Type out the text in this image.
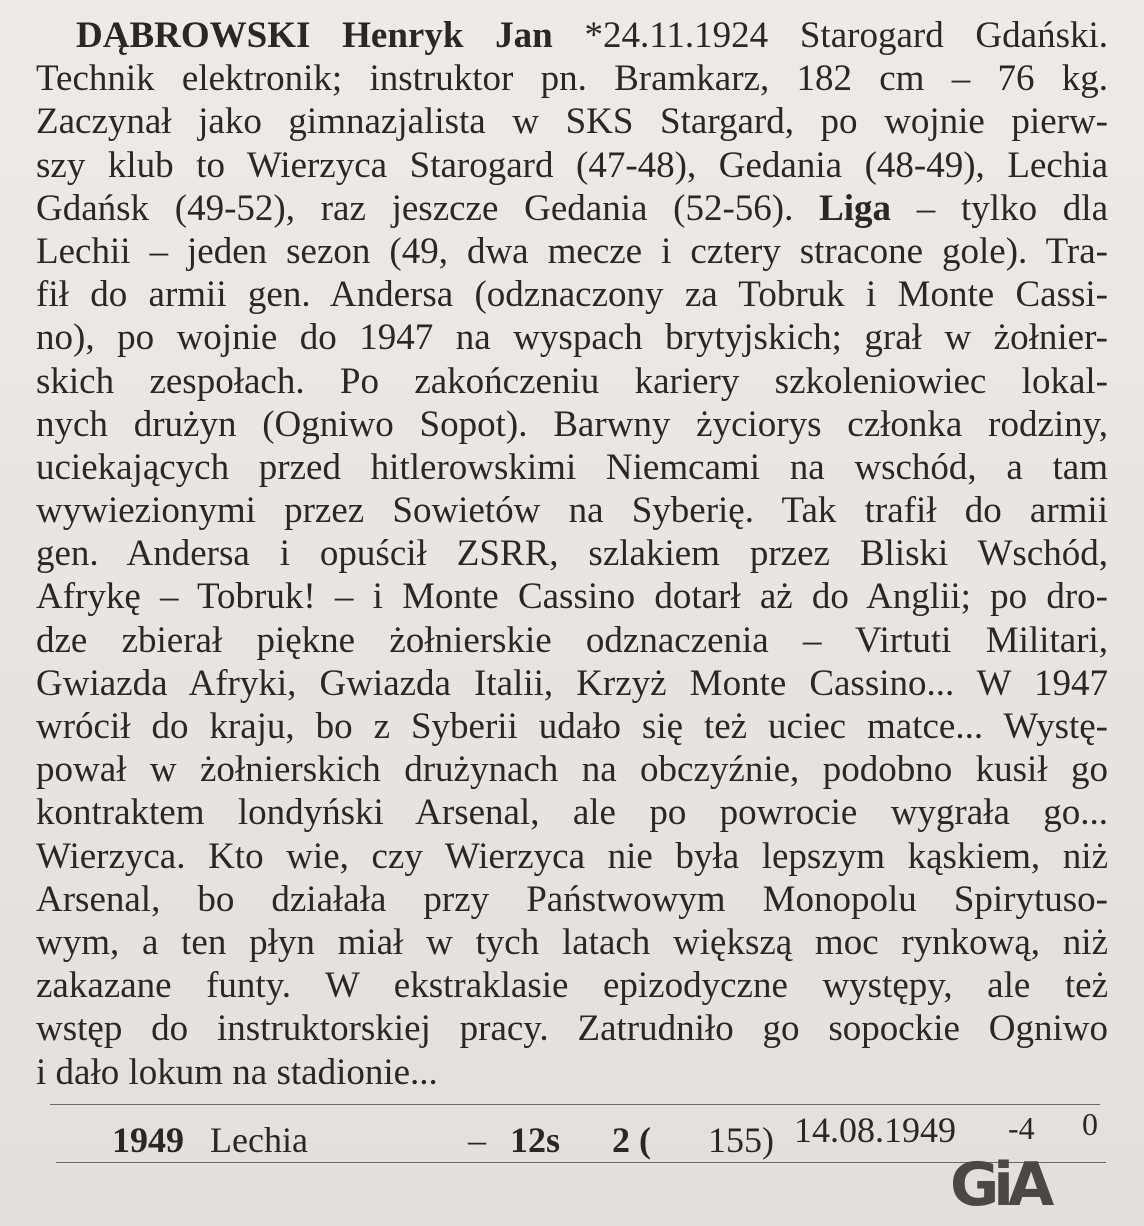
DĄBROWSKI Henryk Jan *24.11.1924 Starogard Gdański.
Technik elektronik; instruktor pn. Bramkarz, 182 cm – 76 kg.
Zaczynał jako gimnazjalista w SKS Stargard, po wojnie pierw-
szy klub to Wierzyca Starogard (47-48), Gedania (48-49), Lechia
Gdańsk (49-52), raz jeszcze Gedania (52-56). Liga – tylko dla
Lechii – jeden sezon (49, dwa mecze i cztery stracone gole). Tra-
fił do armii gen. Andersa (odznaczony za Tobruk i Monte Cassi-
no), po wojnie do 1947 na wyspach brytyjskich; grał w żołnier-
skich zespołach. Po zakończeniu kariery szkoleniowiec lokal-
nych drużyn (Ogniwo Sopot). Barwny życiorys członka rodziny,
uciekających przed hitlerowskimi Niemcami na wschód, a tam
wywiezionymi przez Sowietów na Syberię. Tak trafił do armii
gen. Andersa i opuścił ZSRR, szlakiem przez Bliski Wschód,
Afrykę – Tobruk! – i Monte Cassino dotarł aż do Anglii; po dro-
dze zbierał piękne żołnierskie odznaczenia – Virtuti Militari,
Gwiazda Afryki, Gwiazda Italii, Krzyż Monte Cassino... W 1947
wrócił do kraju, bo z Syberii udało się też uciec matce... Wystę-
pował w żołnierskich drużynach na obczyźnie, podobno kusił go
kontraktem londyński Arsenal, ale po powrocie wygrała go...
Wierzyca. Kto wie, czy Wierzyca nie była lepszym kąskiem, niż
Arsenal, bo działała przy Państwowym Monopolu Spirytuso-
wym, a ten płyn miał w tych latach większą moc rynkową, niż
zakazane funty. W ekstraklasie epizodyczne występy, ale też
wstęp do instruktorskiej pracy. Zatrudniło go sopockie Ogniwo
i dało lokum na stadionie...
1949 Lechia	– 12s 2 ( 155) 14.08.1949 -4 0
GiA
